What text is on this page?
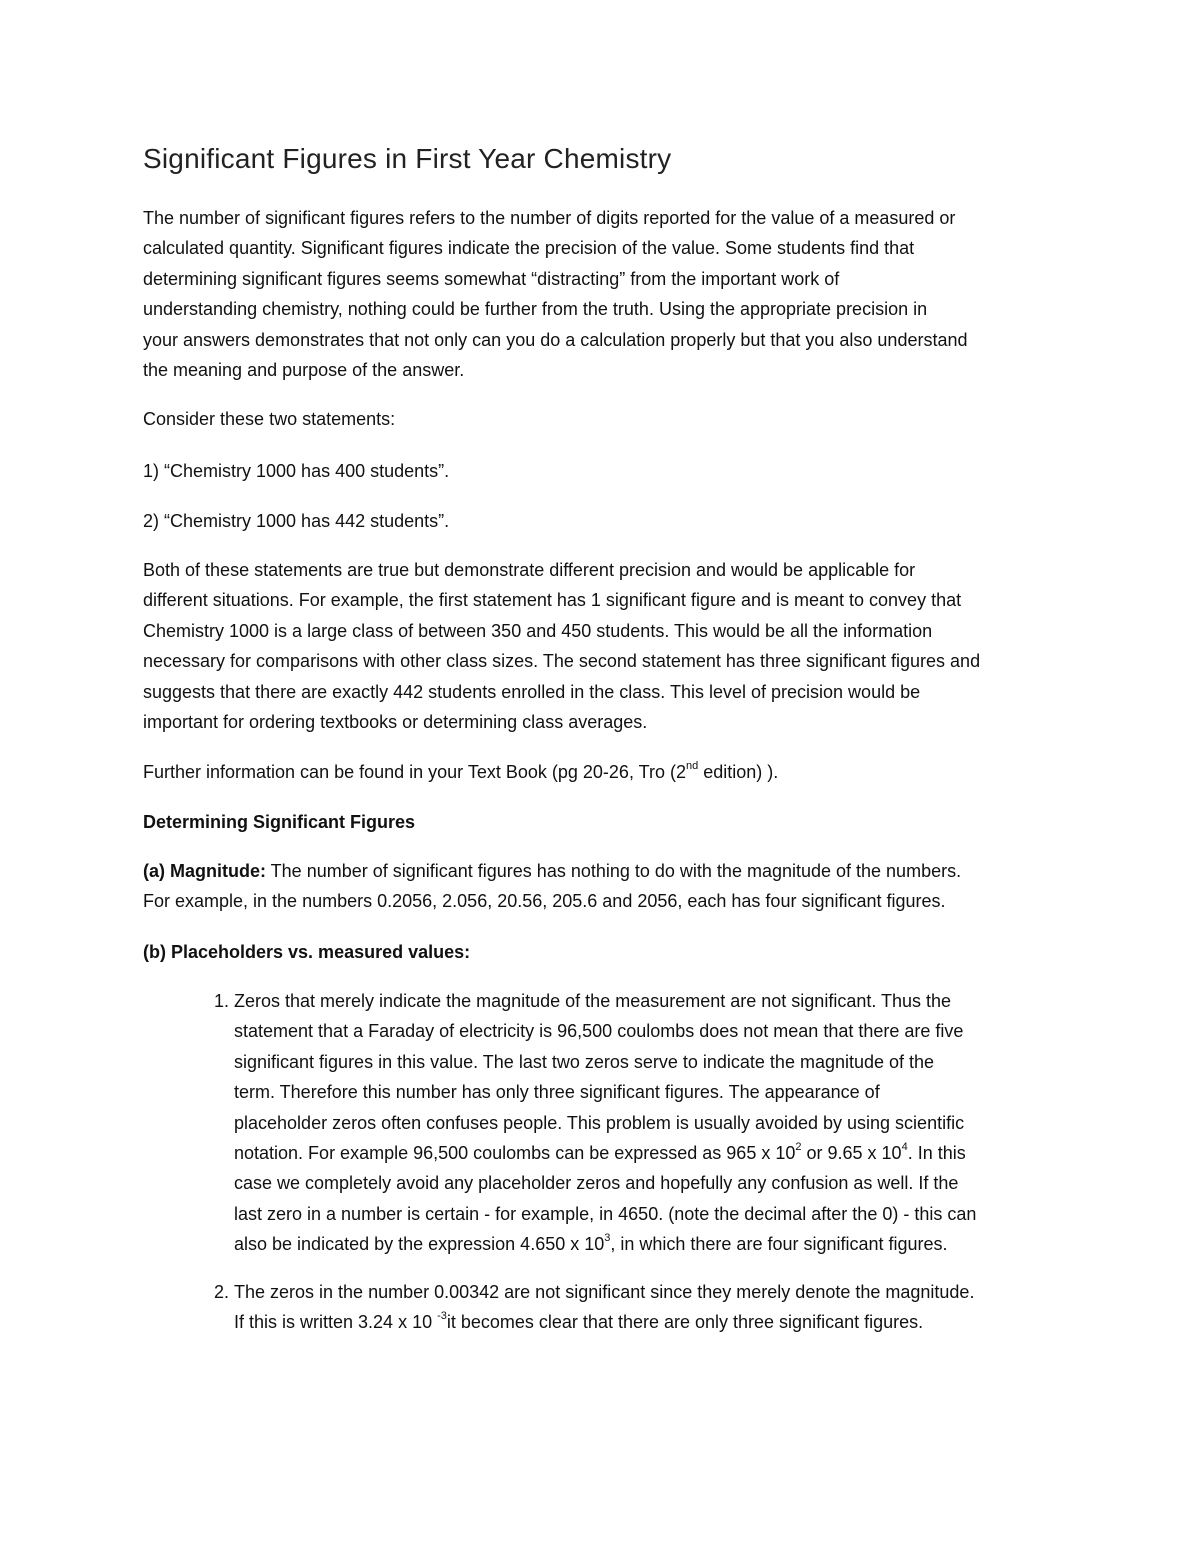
Significant Figures in First Year Chemistry

The number of significant figures refers to the number of digits reported for the value of a measured or
calculated quantity. Significant figures indicate the precision of the value. Some students find that
determining significant figures seems somewhat “distracting” from the important work of
understanding chemistry, nothing could be further from the truth. Using the appropriate precision in
your answers demonstrates that not only can you do a calculation properly but that you also understand
the meaning and purpose of the answer.

Consider these two statements:

1) “Chemistry 1000 has 400 students”.

2) “Chemistry 1000 has 442 students”.

Both of these statements are true but demonstrate different precision and would be applicable for
different situations. For example, the first statement has 1 significant figure and is meant to convey that
Chemistry 1000 is a large class of between 350 and 450 students. This would be all the information
necessary for comparisons with other class sizes. The second statement has three significant figures and
suggests that there are exactly 442 students enrolled in the class. This level of precision would be
important for ordering textbooks or determining class averages.

Further information can be found in your Text Book (pg 20-26, Tro (2nd edition) ).

Determining Significant Figures

(a) Magnitude: The number of significant figures has nothing to do with the magnitude of the numbers.
For example, in the numbers 0.2056, 2.056, 20.56, 205.6 and 2056, each has four significant figures.

(b) Placeholders vs. measured values:

1. Zeros that merely indicate the magnitude of the measurement are not significant. Thus the
statement that a Faraday of electricity is 96,500 coulombs does not mean that there are five
significant figures in this value. The last two zeros serve to indicate the magnitude of the
term. Therefore this number has only three significant figures. The appearance of
placeholder zeros often confuses people. This problem is usually avoided by using scientific
notation. For example 96,500 coulombs can be expressed as 965 x $10^2$ or 9.65 x $10^4$. In this
case we completely avoid any placeholder zeros and hopefully any confusion as well. If the
last zero in a number is certain - for example, in 4650. (note the decimal after the 0) - this can
also be indicated by the expression 4.650 x $10^3$, in which there are four significant figures.
2. The zeros in the number 0.00342 are not significant since they merely denote the magnitude.
If this is written 3.24 x 10 $^{-3}$it becomes clear that there are only three significant figures.
